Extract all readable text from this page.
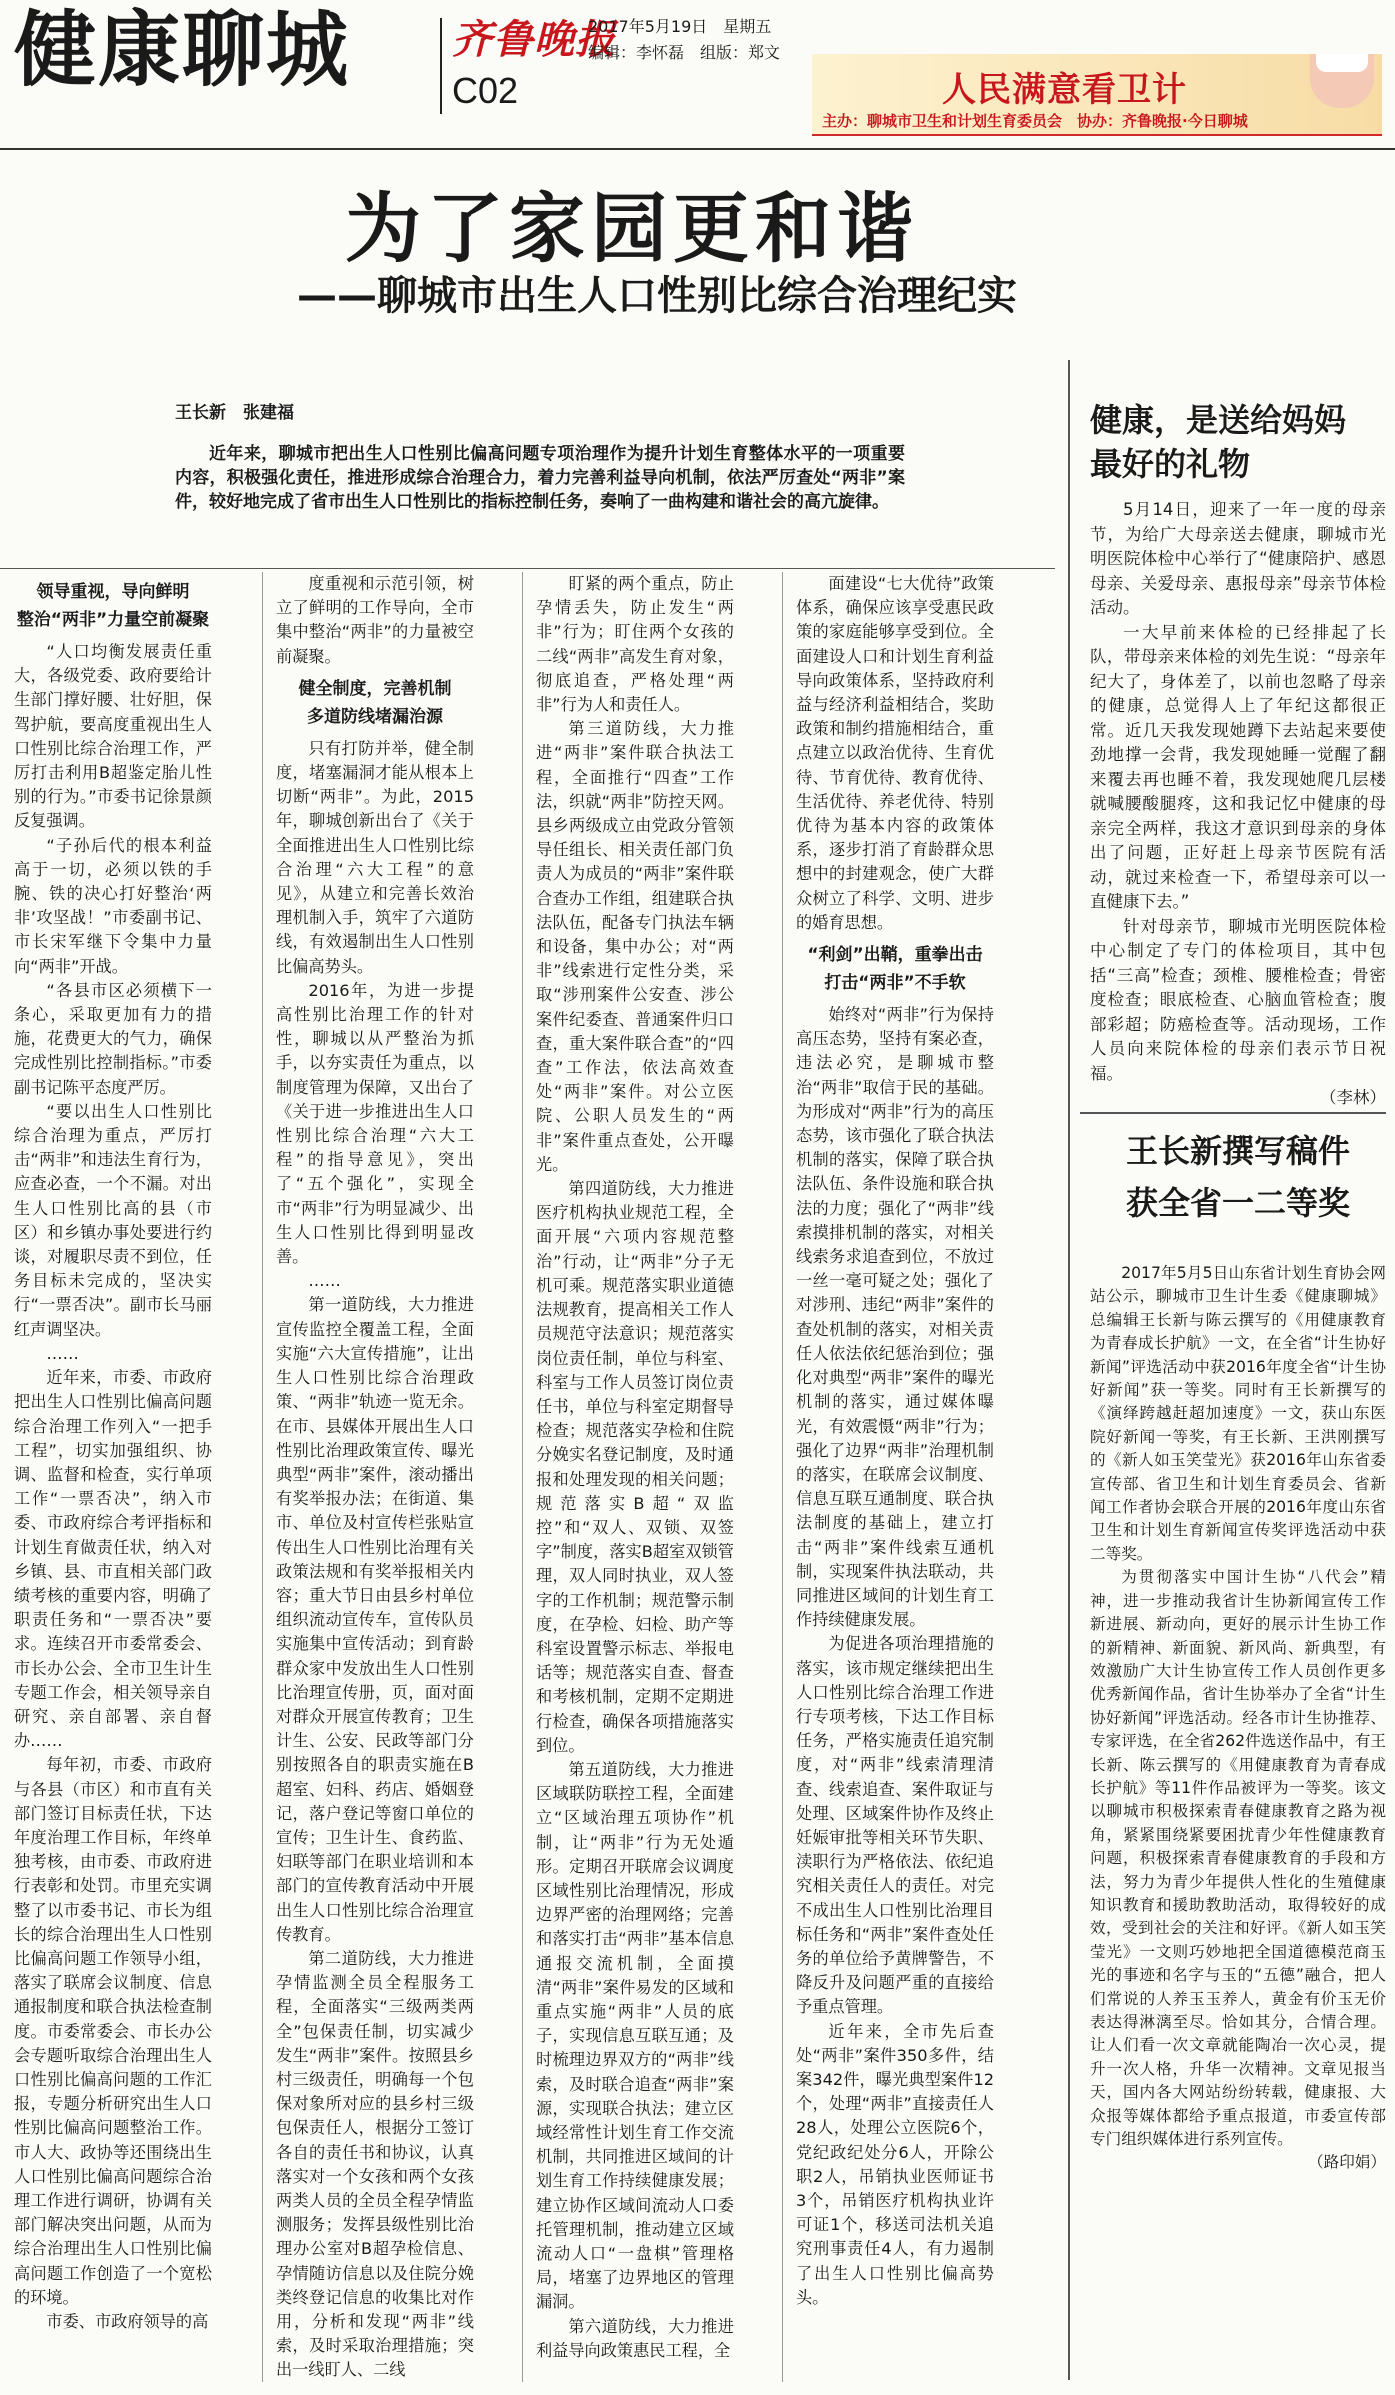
健康聊城	齐鲁晚报
C02
2017年5月19日　星期五
编辑：李怀磊　组版：郑文
人民满意看卫计
主办：聊城市卫生和计划生育委员会　协办：齐鲁晚报·今日聊城
为了家园更和谐
——聊城市出生人口性别比综合治理纪实
王长新　张建福
近年来，聊城市把出生人口性别比偏高问题专项治理作为提升计划生育整体水平的一项重要内容，积极强化责任，推进形成综合治理合力，着力完善利益导向机制，依法严厉查处“两非”案件，较好地完成了省市出生人口性别比的指标控制任务，奏响了一曲构建和谐社会的高亢旋律。
领导重视，导向鲜明
整治“两非”力量空前凝聚

“人口均衡发展责任重大，各级党委、政府要给计生部门撑好腰、壮好胆，保驾护航，要高度重视出生人口性别比综合治理工作，严厉打击利用B超鉴定胎儿性别的行为。”市委书记徐景颜反复强调。

“子孙后代的根本利益高于一切，必须以铁的手腕、铁的决心打好整治‘两非’攻坚战！”市委副书记、市长宋军继下令集中力量向“两非”开战。

“各县市区必须横下一条心，采取更加有力的措施，花费更大的气力，确保完成性别比控制指标。”市委副书记陈平态度严厉。

“要以出生人口性别比综合治理为重点，严厉打击“两非”和违法生育行为，应查必查，一个不漏。对出生人口性别比高的县（市区）和乡镇办事处要进行约谈，对履职尽责不到位，任务目标未完成的，坚决实行“一票否决”。副市长马丽红声调坚决。

……

近年来，市委、市政府把出生人口性别比偏高问题综合治理工作列入“一把手工程”，切实加强组织、协调、监督和检查，实行单项工作“一票否决”，纳入市委、市政府综合考评指标和计划生育做责任状，纳入对乡镇、县、市直相关部门政绩考核的重要内容，明确了职责任务和“一票否决”要求。连续召开市委常委会、市长办公会、全市卫生计生专题工作会，相关领导亲自研究、亲自部署、亲自督办……

每年初，市委、市政府与各县（市区）和市直有关部门签订目标责任状，下达年度治理工作目标，年终单独考核，由市委、市政府进行表彰和处罚。市里充实调整了以市委书记、市长为组长的综合治理出生人口性别比偏高问题工作领导小组，落实了联席会议制度、信息通报制度和联合执法检查制度。市委常委会、市长办公会专题听取综合治理出生人口性别比偏高问题的工作汇报，专题分析研究出生人口性别比偏高问题整治工作。市人大、政协等还围绕出生人口性别比偏高问题综合治理工作进行调研，协调有关部门解决突出问题，从而为综合治理出生人口性别比偏高问题工作创造了一个宽松的环境。

市委、市政府领导的高

度重视和示范引领，树立了鲜明的工作导向，全市集中整治“两非”的力量被空前凝聚。

健全制度，完善机制
多道防线堵漏治源

只有打防并举，健全制度，堵塞漏洞才能从根本上切断“两非”。为此，2015年，聊城创新出台了《关于全面推进出生人口性别比综合治理“六大工程”的意见》，从建立和完善长效治理机制入手，筑牢了六道防线，有效遏制出生人口性别比偏高势头。

2016年，为进一步提高性别比治理工作的针对性，聊城以从严整治为抓手，以夯实责任为重点，以制度管理为保障，又出台了《关于进一步推进出生人口性别比综合治理“六大工程”的指导意见》，突出了“五个强化”，实现全市“两非”行为明显减少、出生人口性别比得到明显改善。

……

第一道防线，大力推进宣传监控全覆盖工程，全面实施“六大宣传措施”，让出生人口性别比综合治理政策、“两非”轨迹一览无余。在市、县媒体开展出生人口性别比治理政策宣传、曝光典型“两非”案件，滚动播出有奖举报办法；在街道、集市、单位及村宣传栏张贴宣传出生人口性别比治理有关政策法规和有奖举报相关内容；重大节日由县乡村单位组织流动宣传车，宣传队员实施集中宣传活动；到育龄群众家中发放出生人口性别比治理宣传册，页，面对面对群众开展宣传教育；卫生计生、公安、民政等部门分别按照各自的职责实施在B超室、妇科、药店、婚姻登记，落户登记等窗口单位的宣传；卫生计生、食药监、妇联等部门在职业培训和本部门的宣传教育活动中开展出生人口性别比综合治理宣传教育。

第二道防线，大力推进孕情监测全员全程服务工程，全面落实“三级两类两全”包保责任制，切实减少发生“两非”案件。按照县乡村三级责任，明确每一个包保对象所对应的县乡村三级包保责任人，根据分工签订各自的责任书和协议，认真落实对一个女孩和两个女孩两类人员的全员全程孕情监测服务；发挥县级性别比治理办公室对B超孕检信息、孕情随访信息以及住院分娩类终登记信息的收集比对作用，分析和发现“两非”线索，及时采取治理措施；突出一线盯人、二线

盯紧的两个重点，防止孕情丢失，防止发生“两非”行为；盯住两个女孩的二线“两非”高发生育对象，彻底追查，严格处理“两非”行为人和责任人。

第三道防线，大力推进“两非”案件联合执法工程，全面推行“四查”工作法，织就“两非”防控天网。县乡两级成立由党政分管领导任组长、相关责任部门负责人为成员的“两非”案件联合查办工作组，组建联合执法队伍，配备专门执法车辆和设备，集中办公；对“两非”线索进行定性分类，采取“涉刑案件公安查、涉公案件纪委查、普通案件归口查，重大案件联合查”的“四查”工作法，依法高效查处“两非”案件。对公立医院、公职人员发生的“两非”案件重点查处，公开曝光。

第四道防线，大力推进医疗机构执业规范工程，全面开展“六项内容规范整治”行动，让“两非”分子无机可乘。规范落实职业道德法规教育，提高相关工作人员规范守法意识；规范落实岗位责任制，单位与科室、科室与工作人员签订岗位责任书，单位与科室定期督导检查；规范落实孕检和住院分娩实名登记制度，及时通报和处理发现的相关问题；规范落实B超“双监控”和“双人、双锁、双签字”制度，落实B超室双锁管理，双人同时执业，双人签字的工作机制；规范警示制度，在孕检、妇检、助产等科室设置警示标志、举报电话等；规范落实自查、督查和考核机制，定期不定期进行检查，确保各项措施落实到位。

第五道防线，大力推进区域联防联控工程，全面建立“区域治理五项协作”机制，让“两非”行为无处遁形。定期召开联席会议调度区域性别比治理情况，形成边界严密的治理网络；完善和落实打击“两非”基本信息通报交流机制，全面摸清“两非”案件易发的区域和重点实施“两非”人员的底子，实现信息互联互通；及时梳理边界双方的“两非”线索，及时联合追查“两非”案源，实现联合执法；建立区域经常性计划生育工作交流机制，共同推进区域间的计划生育工作持续健康发展；建立协作区域间流动人口委托管理机制，推动建立区域流动人口“一盘棋”管理格局，堵塞了边界地区的管理漏洞。

第六道防线，大力推进利益导向政策惠民工程，全

面建设“七大优待”政策体系，确保应该享受惠民政策的家庭能够享受到位。全面建设人口和计划生育利益导向政策体系，坚持政府利益与经济利益相结合，奖助政策和制约措施相结合，重点建立以政治优待、生育优待、节育优待、教育优待、生活优待、养老优待、特别优待为基本内容的政策体系，逐步打消了育龄群众思想中的封建观念，使广大群众树立了科学、文明、进步的婚育思想。

“利剑”出鞘，重拳出击
打击“两非”不手软

始终对“两非”行为保持高压态势，坚持有案必查，违法必究，是聊城市整治“两非”取信于民的基础。为形成对“两非”行为的高压态势，该市强化了联合执法机制的落实，保障了联合执法队伍、条件设施和联合执法的力度；强化了“两非”线索摸排机制的落实，对相关线索务求追查到位，不放过一丝一毫可疑之处；强化了对涉刑、违纪“两非”案件的查处机制的落实，对相关责任人依法依纪惩治到位；强化对典型“两非”案件的曝光机制的落实，通过媒体曝光，有效震慑“两非”行为；强化了边界“两非”治理机制的落实，在联席会议制度、信息互联互通制度、联合执法制度的基础上，建立打击“两非”案件线索互通机制，实现案件执法联动，共同推进区域间的计划生育工作持续健康发展。

为促进各项治理措施的落实，该市规定继续把出生人口性别比综合治理工作进行专项考核，下达工作目标任务，严格实施责任追究制度，对“两非”线索清理清查、线索追查、案件取证与处理、区域案件协作及终止妊娠审批等相关环节失职、渎职行为严格依法、依纪追究相关责任人的责任。对完不成出生人口性别比治理目标任务和“两非”案件查处任务的单位给予黄牌警告，不降反升及问题严重的直接给予重点管理。

近年来，全市先后查处“两非”案件350多件，结案342件，曝光典型案件12个，处理“两非”直接责任人28人，处理公立医院6个，党纪政纪处分6人，开除公职2人，吊销执业医师证书3个，吊销医疗机构执业许可证1个，移送司法机关追究刑事责任4人，有力遏制了出生人口性别比偏高势头。

健康，是送给妈妈
最好的礼物

5月14日，迎来了一年一度的母亲节，为给广大母亲送去健康，聊城市光明医院体检中心举行了“健康陪护、感恩母亲、关爱母亲、惠报母亲”母亲节体检活动。

一大早前来体检的已经排起了长队，带母亲来体检的刘先生说：“母亲年纪大了，身体差了，以前也忽略了母亲的健康，总觉得人上了年纪这都很正常。近几天我发现她蹲下去站起来要使劲地撑一会背，我发现她睡一觉醒了翻来覆去再也睡不着，我发现她爬几层楼就喊腰酸腿疼，这和我记忆中健康的母亲完全两样，我这才意识到母亲的身体出了问题，正好赶上母亲节医院有活动，就过来检查一下，希望母亲可以一直健康下去。”

针对母亲节，聊城市光明医院体检中心制定了专门的体检项目，其中包括“三高”检查；颈椎、腰椎检查；骨密度检查；眼底检查、心脑血管检查；腹部彩超；防癌检查等。活动现场，工作人员向来院体检的母亲们表示节日祝福。

（李林）

王长新撰写稿件
获全省一二等奖

2017年5月5日山东省计划生育协会网站公示，聊城市卫生计生委《健康聊城》总编辑王长新与陈云撰写的《用健康教育为青春成长护航》一文，在全省“计生协好新闻”评选活动中获2016年度全省“计生协好新闻”获一等奖。同时有王长新撰写的《演绎跨越赶超加速度》一文，获山东医院好新闻一等奖，有王长新、王洪刚撰写的《新人如玉笑莹光》获2016年山东省委宣传部、省卫生和计划生育委员会、省新闻工作者协会联合开展的2016年度山东省卫生和计划生育新闻宣传奖评选活动中获二等奖。

为贯彻落实中国计生协“八代会”精神，进一步推动我省计生协新闻宣传工作新进展、新动向，更好的展示计生协工作的新精神、新面貌、新风尚、新典型，有效激励广大计生协宣传工作人员创作更多优秀新闻作品，省计生协举办了全省“计生协好新闻”评选活动。经各市计生协推荐、专家评选，在全省262件选送作品中，有王长新、陈云撰写的《用健康教育为青春成长护航》等11件作品被评为一等奖。该文以聊城市积极探索青春健康教育之路为视角，紧紧围绕紧要困扰青少年性健康教育问题，积极探索青春健康教育的手段和方法，努力为青少年提供人性化的生殖健康知识教育和援助教助活动，取得较好的成效，受到社会的关注和好评。《新人如玉笑莹光》一文则巧妙地把全国道德模范商玉光的事迹和名字与玉的“五德”融合，把人们常说的人养玉玉养人，黄金有价玉无价表达得淋漓至尽。恰如其分，合情合理。让人们看一次文章就能陶冶一次心灵，提升一次人格，升华一次精神。文章见报当天，国内各大网站纷纷转载，健康报、大众报等媒体都给予重点报道，市委宣传部专门组织媒体进行系列宣传。

（路印娟）
